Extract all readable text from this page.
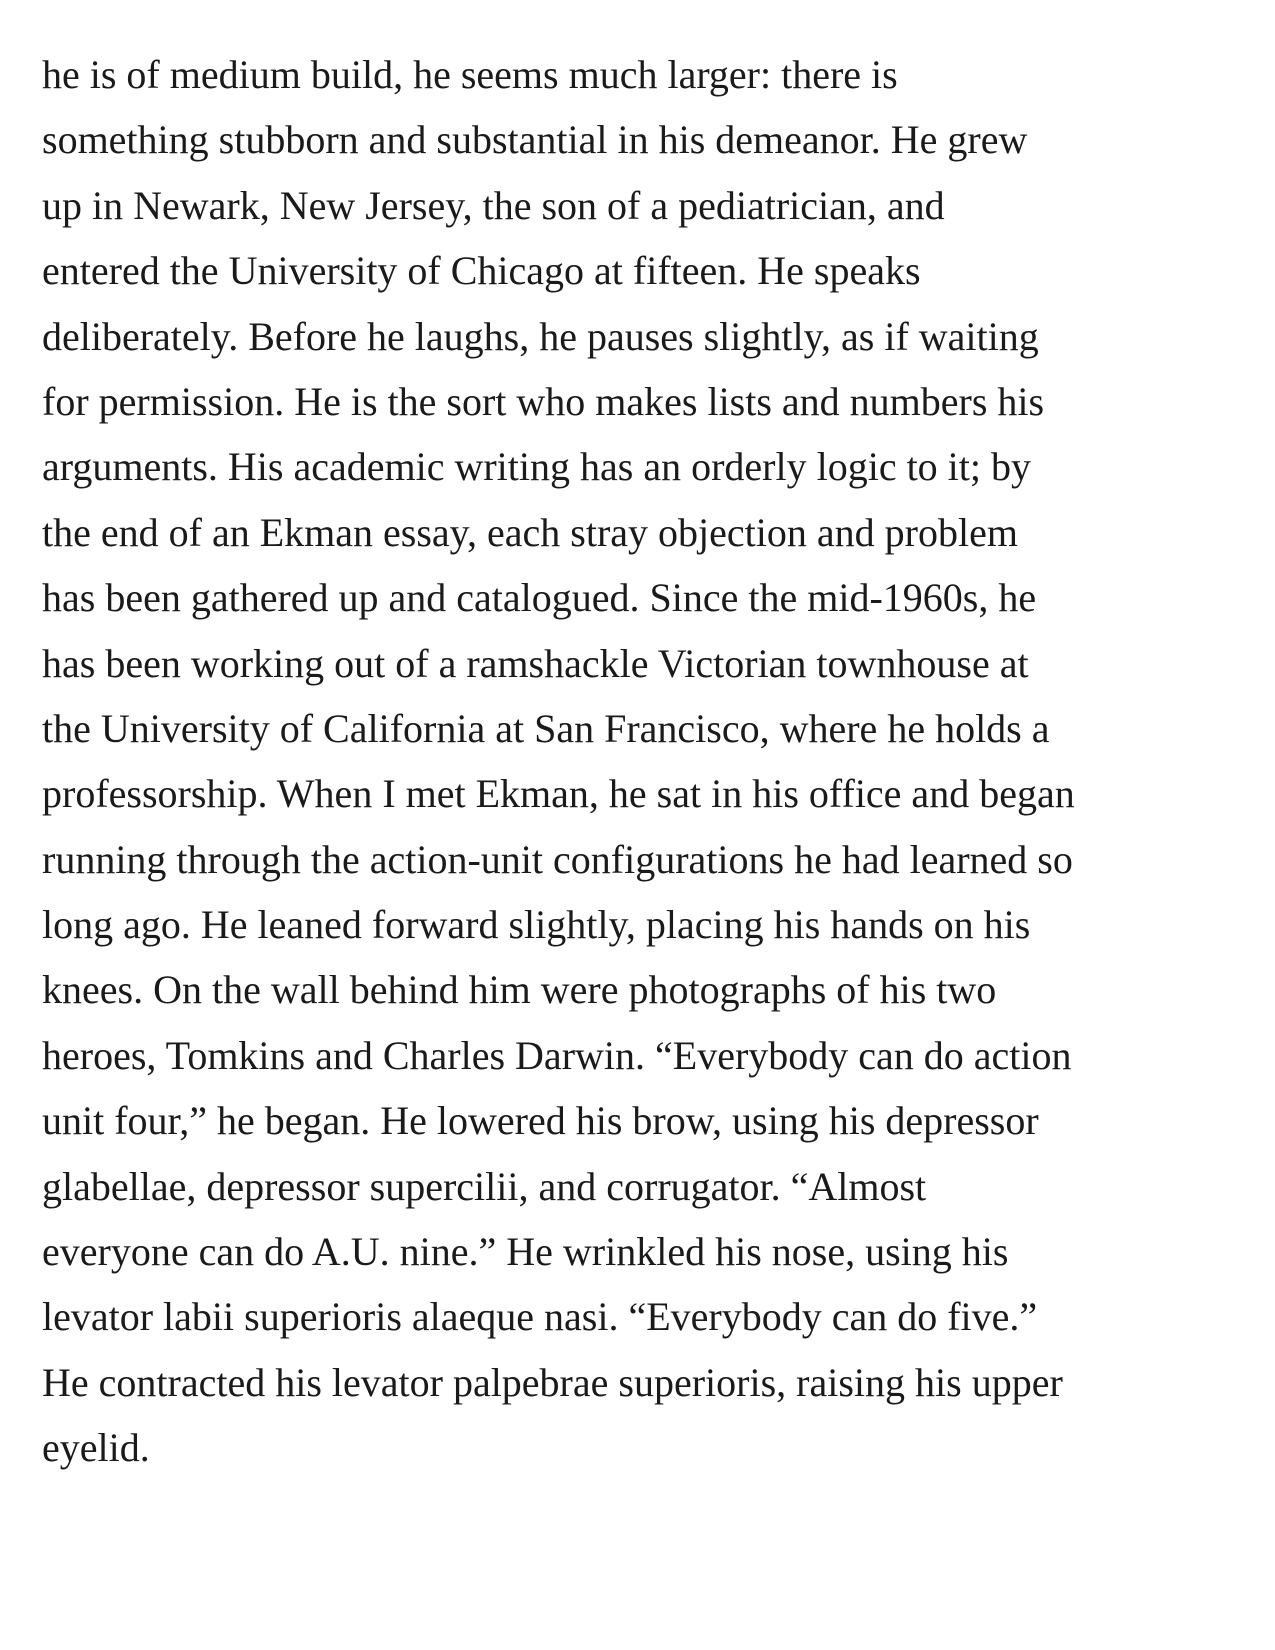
he is of medium build, he seems much larger: there is
something stubborn and substantial in his demeanor. He grew
up in Newark, New Jersey, the son of a pediatrician, and
entered the University of Chicago at fifteen. He speaks
deliberately. Before he laughs, he pauses slightly, as if waiting
for permission. He is the sort who makes lists and numbers his
arguments. His academic writing has an orderly logic to it; by
the end of an Ekman essay, each stray objection and problem
has been gathered up and catalogued. Since the mid-1960s, he
has been working out of a ramshackle Victorian townhouse at
the University of California at San Francisco, where he holds a
professorship. When I met Ekman, he sat in his office and began
running through the action-unit configurations he had learned so
long ago. He leaned forward slightly, placing his hands on his
knees. On the wall behind him were photographs of his two
heroes, Tomkins and Charles Darwin. “Everybody can do action
unit four,” he began. He lowered his brow, using his depressor
glabellae, depressor supercilii, and corrugator. “Almost
everyone can do A.U. nine.” He wrinkled his nose, using his
levator labii superioris alaeque nasi. “Everybody can do five.”
He contracted his levator palpebrae superioris, raising his upper
eyelid.
